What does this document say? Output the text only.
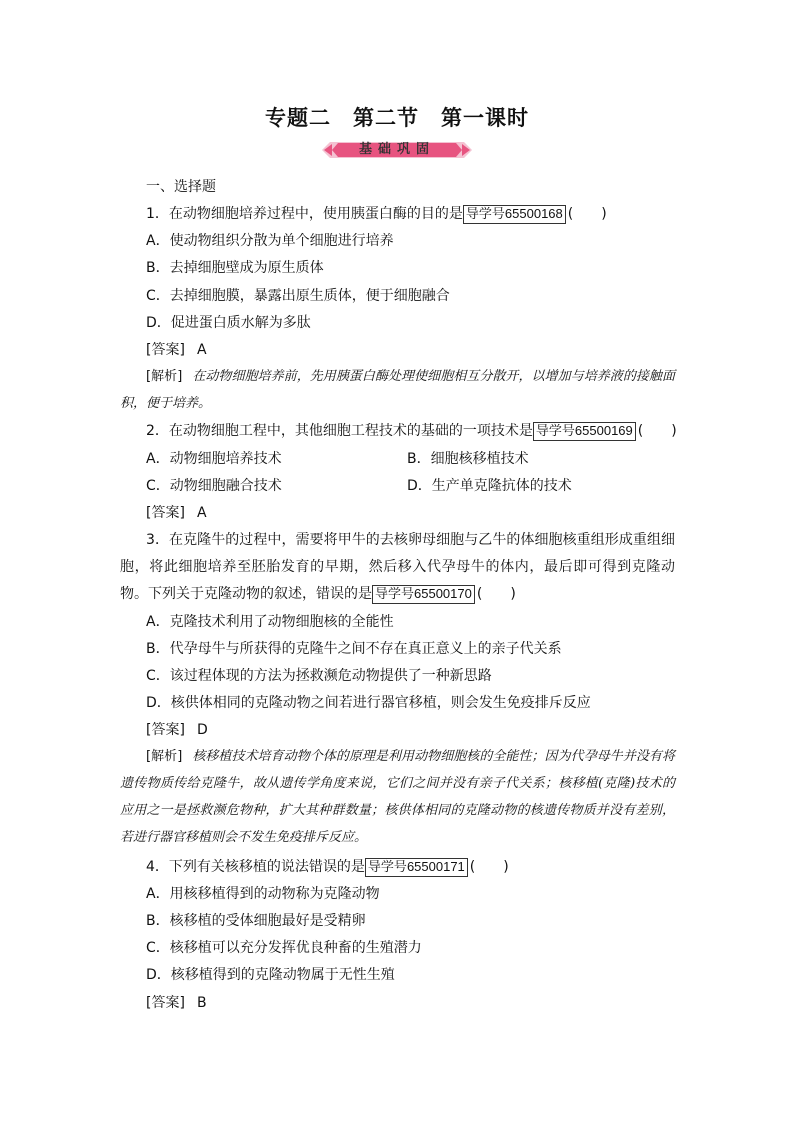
专题二　第二节　第一课时
基础巩固
一、选择题
1．在动物细胞培养过程中，使用胰蛋白酶的目的是 导学号65500168 (　　)
A．使动物组织分散为单个细胞进行培养
B．去掉细胞壁成为原生质体
C．去掉细胞膜，暴露出原生质体，便于细胞融合
D．促进蛋白质水解为多肽
[答案] A
[解析] 在动物细胞培养前，先用胰蛋白酶处理使细胞相互分散开，以增加与培养液的接触面积，便于培养。
2．在动物细胞工程中，其他细胞工程技术的基础的一项技术是 导学号65500169 (　　)
A．动物细胞培养技术	B．细胞核移植技术
C．动物细胞融合技术	D．生产单克隆抗体的技术
[答案] A
3．在克隆牛的过程中，需要将甲牛的去核卵母细胞与乙牛的体细胞核重组形成重组细胞，将此细胞培养至胚胎发育的早期，然后移入代孕母牛的体内，最后即可得到克隆动物。下列关于克隆动物的叙述，错误的是 导学号65500170 (　　)
A．克隆技术利用了动物细胞核的全能性
B．代孕母牛与所获得的克隆牛之间不存在真正意义上的亲子代关系
C．该过程体现的方法为拯救濒危动物提供了一种新思路
D．核供体相同的克隆动物之间若进行器官移植，则会发生免疫排斥反应
[答案] D
[解析] 核移植技术培育动物个体的原理是利用动物细胞核的全能性；因为代孕母牛并没有将遗传物质传给克隆牛，故从遗传学角度来说，它们之间并没有亲子代关系；核移植(克隆)技术的应用之一是拯救濒危物种，扩大其种群数量；核供体相同的克隆动物的核遗传物质并没有差别，若进行器官移植则会不发生免疫排斥反应。
4．下列有关核移植的说法错误的是 导学号65500171 (　　)
A．用核移植得到的动物称为克隆动物
B．核移植的受体细胞最好是受精卵
C．核移植可以充分发挥优良种畜的生殖潜力
D．核移植得到的克隆动物属于无性生殖
[答案] B
